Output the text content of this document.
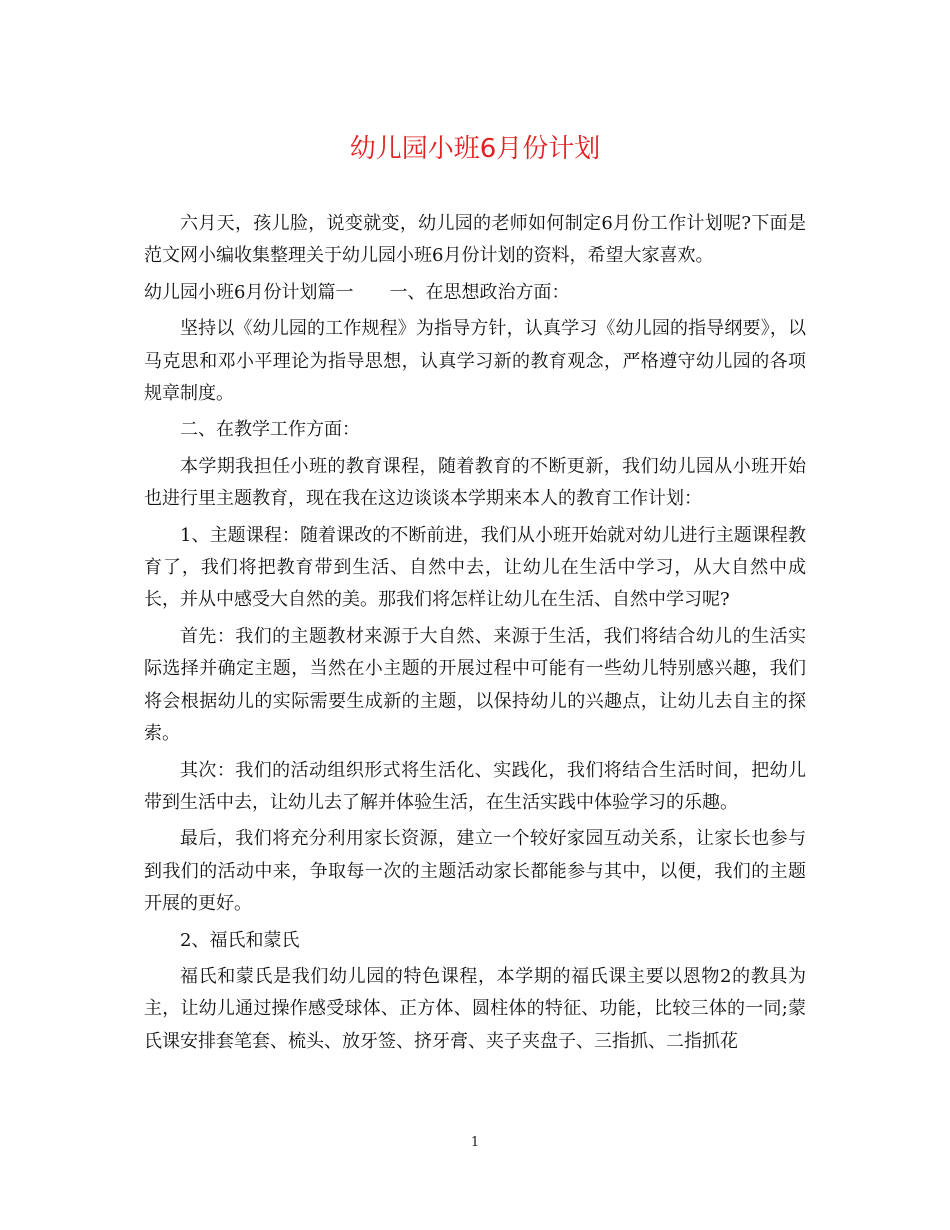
幼儿园小班6月份计划

六月天，孩儿脸，说变就变，幼儿园的老师如何制定6月份工作计划呢?下面是范文网小编收集整理关于幼儿园小班6月份计划的资料，希望大家喜欢。

幼儿园小班6月份计划篇一　　一、在思想政治方面：

坚持以《幼儿园的工作规程》为指导方针，认真学习《幼儿园的指导纲要》，以马克思和邓小平理论为指导思想，认真学习新的教育观念，严格遵守幼儿园的各项规章制度。

二、在教学工作方面：

本学期我担任小班的教育课程，随着教育的不断更新，我们幼儿园从小班开始也进行里主题教育，现在我在这边谈谈本学期来本人的教育工作计划：

1、主题课程：随着课改的不断前进，我们从小班开始就对幼儿进行主题课程教育了，我们将把教育带到生活、自然中去，让幼儿在生活中学习，从大自然中成长，并从中感受大自然的美。那我们将怎样让幼儿在生活、自然中学习呢?

首先：我们的主题教材来源于大自然、来源于生活，我们将结合幼儿的生活实际选择并确定主题，当然在小主题的开展过程中可能有一些幼儿特别感兴趣，我们将会根据幼儿的实际需要生成新的主题，以保持幼儿的兴趣点，让幼儿去自主的探索。

其次：我们的活动组织形式将生活化、实践化，我们将结合生活时间，把幼儿带到生活中去，让幼儿去了解并体验生活，在生活实践中体验学习的乐趣。

最后，我们将充分利用家长资源，建立一个较好家园互动关系，让家长也参与到我们的活动中来，争取每一次的主题活动家长都能参与其中，以便，我们的主题开展的更好。

2、福氏和蒙氏

福氏和蒙氏是我们幼儿园的特色课程，本学期的福氏课主要以恩物2的教具为主，让幼儿通过操作感受球体、正方体、圆柱体的特征、功能，比较三体的一同;蒙氏课安排套笔套、梳头、放牙签、挤牙膏、夹子夹盘子、三指抓、二指抓花

1
